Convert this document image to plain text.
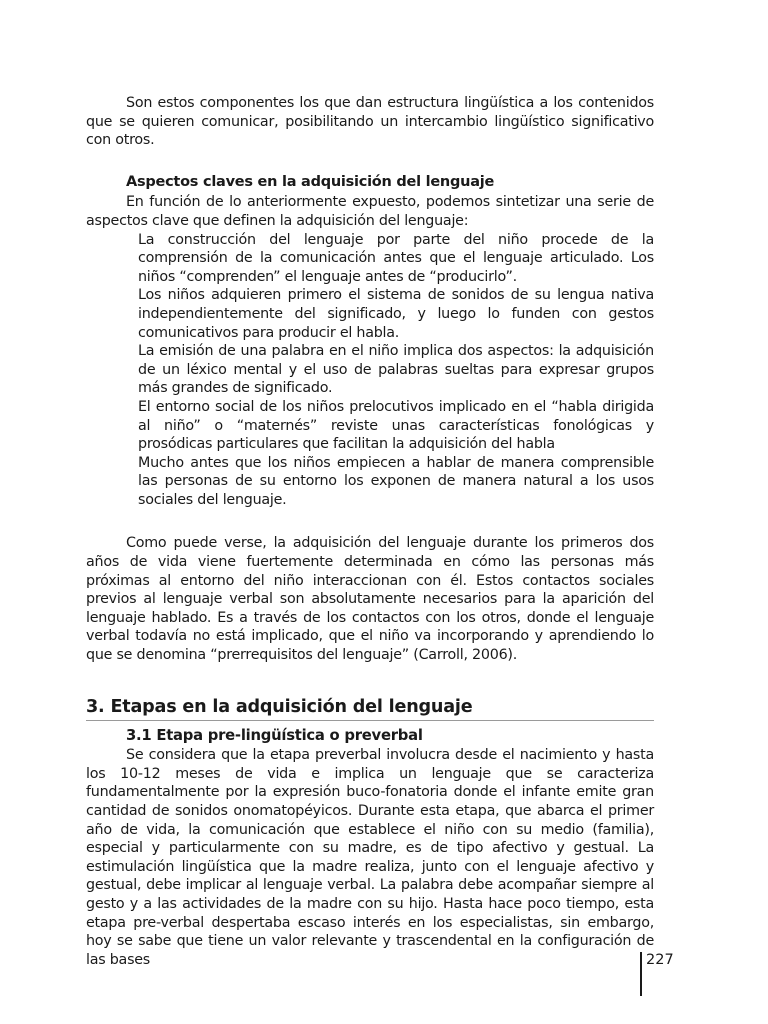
Son estos componentes los que dan estructura lingüística a los contenidos que se quieren comunicar, posibilitando un intercambio lingüístico significativo con otros.

Aspectos claves en la adquisición del lenguaje

En función de lo anteriormente expuesto, podemos sintetizar una serie de aspectos clave que definen la adquisición del lenguaje:

La construcción del lenguaje por parte del niño procede de la comprensión de la comunicación antes que el lenguaje articulado. Los niños “comprenden” el lenguaje antes de “producirlo”.
Los niños adquieren primero el sistema de sonidos de su lengua nativa independientemente del significado, y luego lo funden con gestos comunicativos para producir el habla.
La emisión de una palabra en el niño implica dos aspectos: la adquisición de un léxico mental y el uso de palabras sueltas para expresar grupos más grandes de significado.
El entorno social de los niños prelocutivos implicado en el “habla dirigida al niño” o “maternés” reviste unas características fonológicas y prosódicas particulares que facilitan la adquisición del habla
Mucho antes que los niños empiecen a hablar de manera comprensible las personas de su entorno los exponen de manera natural a los usos sociales del lenguaje.

Como puede verse, la adquisición del lenguaje durante los primeros dos años de vida viene fuertemente determinada en cómo las personas más próximas al entorno del niño interaccionan con él. Estos contactos sociales previos al lenguaje verbal son absolutamente necesarios para la aparición del lenguaje hablado. Es a través de los contactos con los otros, donde el lenguaje verbal todavía no está implicado, que el niño va incorporando y aprendiendo lo que se denomina “prerrequisitos del lenguaje” (Carroll, 2006).

3. Etapas en la adquisición del lenguaje
3.1 Etapa pre-lingüística o preverbal

Se considera que la etapa preverbal involucra desde el nacimiento y hasta los 10-12 meses de vida e implica un lenguaje que se caracteriza fundamentalmente por la expresión buco-fonatoria donde el infante emite gran cantidad de sonidos onomatopéyicos. Durante esta etapa, que abarca el primer año de vida, la comunicación que establece el niño con su medio (familia), especial y particularmente con su madre, es de tipo afectivo y gestual. La estimulación lingüística que la madre realiza, junto con el lenguaje afectivo y gestual, debe implicar al lenguaje verbal. La palabra debe acompañar siempre al gesto y a las actividades de la madre con su hijo. Hasta hace poco tiempo, esta etapa pre-verbal despertaba escaso interés en los especialistas, sin embargo, hoy se sabe que tiene un valor relevante y trascendental en la configuración de las bases	227
